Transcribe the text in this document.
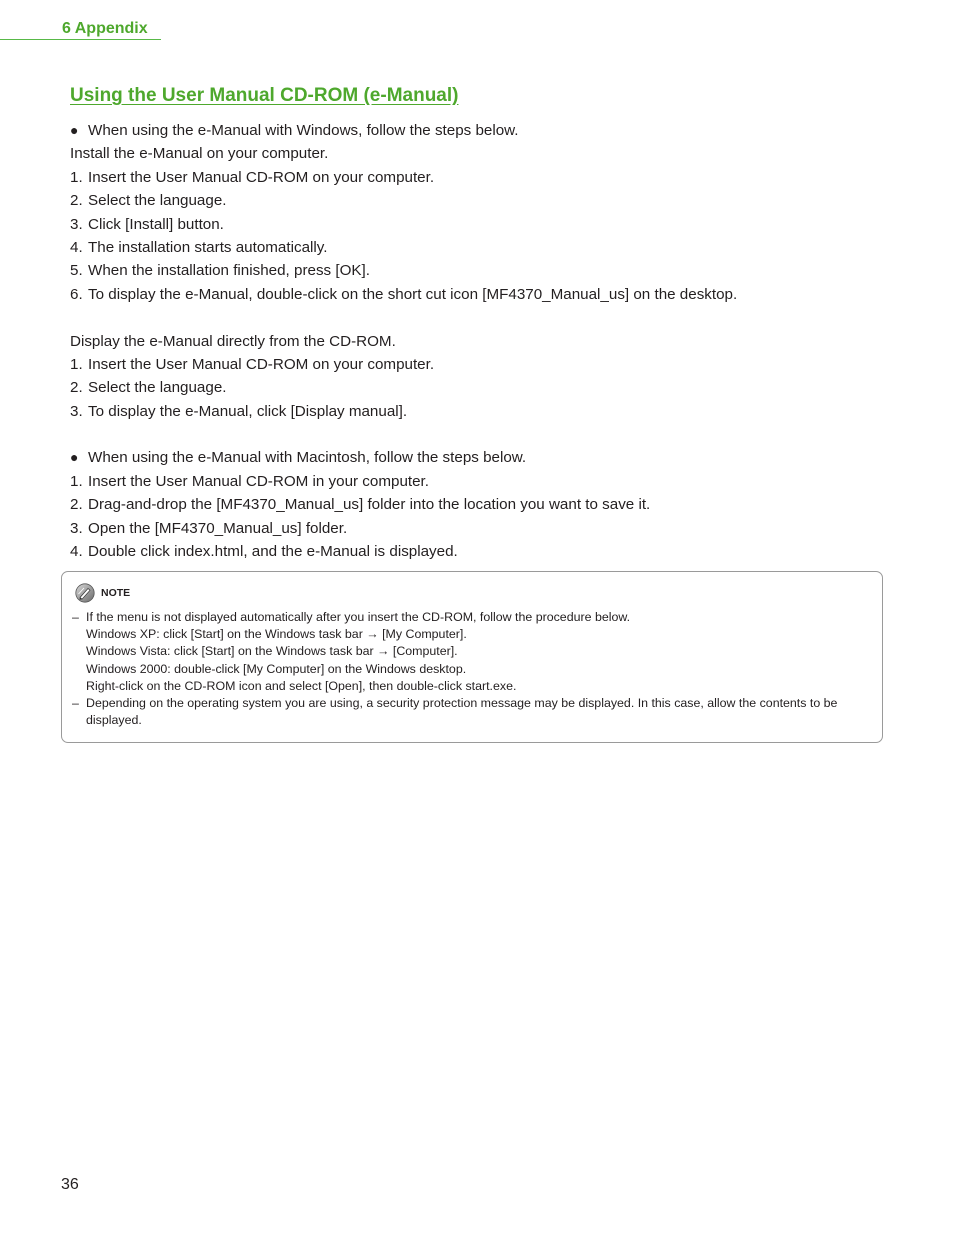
6 Appendix
Using the User Manual CD-ROM (e-Manual)
● When using the e-Manual with Windows, follow the steps below.
Install the e-Manual on your computer.
1. Insert the User Manual CD-ROM on your computer.
2. Select the language.
3. Click [Install] button.
4. The installation starts automatically.
5. When the installation finished, press [OK].
6. To display the e-Manual, double-click on the short cut icon [MF4370_Manual_us] on the desktop.
Display the e-Manual directly from the CD-ROM.
1. Insert the User Manual CD-ROM on your computer.
2. Select the language.
3. To display the e-Manual, click [Display manual].
● When using the e-Manual with Macintosh, follow the steps below.
1. Insert the User Manual CD-ROM in your computer.
2. Drag-and-drop the [MF4370_Manual_us] folder into the location you want to save it.
3. Open the [MF4370_Manual_us] folder.
4. Double click index.html, and the e-Manual is displayed.
NOTE
– If the menu is not displayed automatically after you insert the CD-ROM, follow the procedure below.
Windows XP: click [Start] on the Windows task bar → [My Computer].
Windows Vista: click [Start] on the Windows task bar → [Computer].
Windows 2000: double-click [My Computer] on the Windows desktop.
Right-click on the CD-ROM icon and select [Open], then double-click start.exe.
– Depending on the operating system you are using, a security protection message may be displayed. In this case, allow the contents to be displayed.
36
